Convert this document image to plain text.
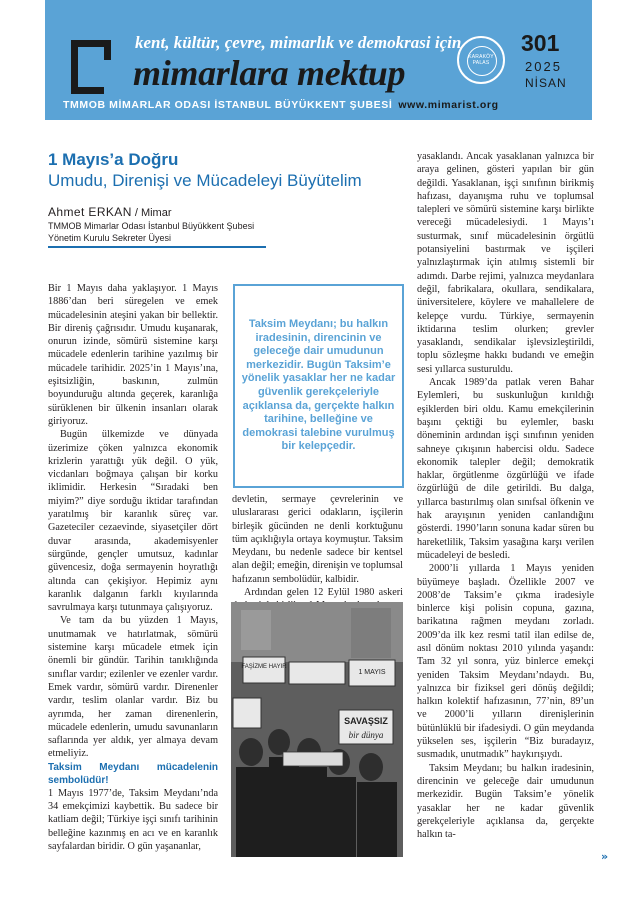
kent, kültür, çevre, mimarlık ve demokrasi için
mimarlara mektup	KARAKÖY PALAS
301
2025
NİSAN
TMMOB MİMARLAR ODASI İSTANBUL BÜYÜKKENT ŞUBESİ www.mimarist.org
1 Mayıs’a Doğru
Umudu, Direnişi ve Mücadeleyi Büyütelim
Ahmet ERKAN / Mimar
TMMOB Mimarlar Odası İstanbul Büyükkent Şubesi
Yönetim Kurulu Sekreter Üyesi

Bir 1 Mayıs daha yaklaşıyor. 1 Mayıs 1886’dan beri süregelen ve emek mücadelesinin ateşini yakan bir bellektir. Bir direniş çağrısıdır. Umudu kuşanarak, onurun izinde, sömürü sistemine karşı mücadele edenlerin tarihine yazılmış bir mücadele tarihidir. 2025’in 1 Mayıs’ına, eşitsizliğin, baskının, zulmün boyunduruğu altında geçerek, karanlığa sürüklenen bir ülkenin insanları olarak giriyoruz.

Bugün ülkemizde ve dünyada üzerimize çöken yalnızca ekonomik krizlerin yarattığı yük değil. O yük, vicdanları boğmaya çalışan bir korku iklimidir. Herkesin “Sıradaki ben miyim?” diye sorduğu iktidar tarafından yaratılmış bir karanlık süreç var. Gazeteciler cezaevinde, siyasetçiler dört duvar arasında, akademisyenler sürgünde, gençler umutsuz, kadınlar güvencesiz, doğa sermayenin hoyratlığı altında can çekişiyor. Hepimiz aynı karanlık dalganın farklı kıyılarında savrulmaya karşı tutunmaya çalışıyoruz.

Ve tam da bu yüzden 1 Mayıs, unutmamak ve hatırlatmak, sömürü sistemine karşı mücadele etmek için önemli bir gündür. Tarihin tanıklığında sınıflar vardır; ezilenler ve ezenler vardır. Emek vardır, sömürü vardır. Direnenler vardır, teslim olanlar vardır. Biz bu ayrımda, her zaman direnenlerin, mücadele edenlerin, umudu savunanların saflarında yer aldık, yer almaya devam etmeliyiz.

Taksim Meydanı mücadelenin sembolüdür!

1 Mayıs 1977’de, Taksim Meydanı’nda 34 emekçimizi kaybettik. Bu sadece bir katliam değil; Türkiye işçi sınıfı tarihinin belleğine kazınmış en acı ve en karanlık sayfalardan biridir. O gün yaşananlar,

Taksim Meydanı; bu halkın iradesinin, direncinin ve geleceğe dair umudunun merkezidir. Bugün Taksim’e yönelik yasaklar her ne kadar güvenlik gerekçeleriyle açıklansa da, gerçekte halkın tarihine, belleğine ve demokrasi talebine vurulmuş bir kelepçedir.

devletin, sermaye çevrelerinin ve uluslararası gerici odakların, işçilerin birleşik gücünden ne denli korktuğunu tüm açıklığıyla ortaya koymuştur. Taksim Meydanı, bu nedenle sadece bir kentsel alan değil; emeğin, direnişin ve toplumsal hafızanın sembolüdür, kalbidir.

Ardından gelen 12 Eylül 1980 askeri

FAŞİZME HAYIR
SAVAŞSIZ
bir dünya
1 MAYIS

yasaklandı. Ancak yasaklanan yalnızca bir araya gelinen, gösteri yapılan bir gün değildi. Yasaklanan, işçi sınıfının birikmiş hafızası, dayanışma ruhu ve toplumsal talepleri ve sömürü sistemine karşı birlikte vereceği mücadelesiydi. 1 Mayıs’ı susturmak, sınıf mücadelesinin örgütlü potansiyelini bastırmak ve işçileri yalnızlaştırmak için atılmış sistemli bir adımdı. Darbe rejimi, yalnızca meydanlara değil, fabrikalara, okullara, sendikalara, üniversitelere, köylere ve mahallelere de kelepçe vurdu. Türkiye, sermayenin iktidarına teslim olurken; grevler yasaklandı, sendikalar işlevsizleştirildi, toplu sözleşme hakkı budandı ve emeğin sesi yıllarca susturuldu.

Ancak 1989’da patlak veren Bahar Eylemleri, bu suskunluğun kırıldığı eşiklerden biri oldu. Kamu emekçilerinin başını çektiği bu eylemler, baskı döneminin ardından işçi sınıfının yeniden sahneye çıkışının habercisi oldu. Sadece ekonomik talepler değil; demokratik haklar, örgütlenme özgürlüğü ve ifade özgürlüğü de dile getirildi. Bu dalga, yıllarca bastırılmış olan sınıfsal öfkenin ve hak arayışının yeniden canlandığını gösterdi. 1990’ların sonuna kadar süren bu hareketlilik, Taksim yasağına karşı verilen mücadeleyi de besledi.

2000’li yıllarda 1 Mayıs yeniden büyümeye başladı. Özellikle 2007 ve 2008’de Taksim’e çıkma iradesiyle binlerce kişi polisin copuna, gazına, barikatına rağmen meydanı zorladı. 2009’da ilk kez resmi tatil ilan edilse de, asıl dönüm noktası 2010 yılında yaşandı: Tam 32 yıl sonra, yüz binlerce emekçi yeniden Taksim Meydanı’ndaydı. Bu, yalnızca bir fiziksel geri dönüş değildi; halkın kolektif hafızasının, 77’nin, 89’un ve 2000’li yılların direnişlerinin bütünlüklü bir ifadesiydi. O gün meydanda yükselen ses, işçilerin “Biz buradayız, susmadık, unutmadık” haykırışıydı.

Taksim Meydanı; bu halkın iradesinin, direncinin ve geleceğe dair umudunun merkezidir. Bugün Taksim’e yönelik yasaklar her ne kadar güvenlik gerekçeleriyle açıklansa da, gerçekte halkın ta-

»
